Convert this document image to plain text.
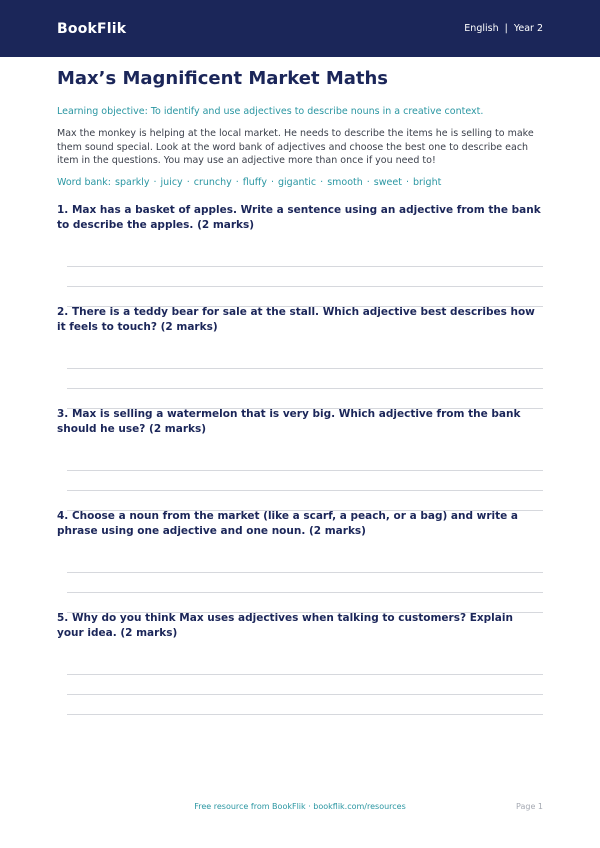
BookFlik	English | Year 2
Max’s Magnificent Market Maths

Learning objective: To identify and use adjectives to describe nouns in a creative context.

Max the monkey is helping at the local market. He needs to describe the items he is selling to make them sound special. Look at the word bank of adjectives and choose the best one to describe each item in the questions. You may use an adjective more than once if you need to!

Word bank: sparkly · juicy · crunchy · fluffy · gigantic · smooth · sweet · bright

1. Max has a basket of apples. Write a sentence using an adjective from the bank to describe the apples. (2 marks)

2. There is a teddy bear for sale at the stall. Which adjective best describes how it feels to touch? (2 marks)

3. Max is selling a watermelon that is very big. Which adjective from the bank should he use? (2 marks)

4. Choose a noun from the market (like a scarf, a peach, or a bag) and write a phrase using one adjective and one noun. (2 marks)

5. Why do you think Max uses adjectives when talking to customers? Explain your idea. (2 marks)

Free resource from BookFlik · bookflik.com/resources	Page 1
